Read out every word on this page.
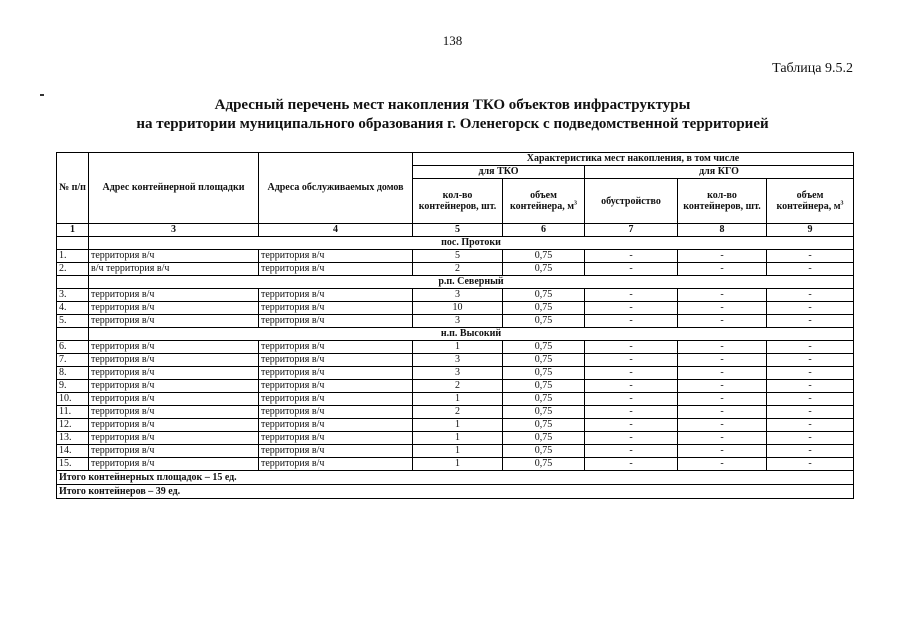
138
Таблица 9.5.2
Адресный перечень мест накопления ТКО объектов инфраструктуры
на территории муниципального образования г. Оленегорск с подведомственной территорией
№ п/п	Адрес контейнерной площадки	Адреса обслуживаемых домов	Характеристика мест накопления, в том числе				
			для ТКО		для КГО		
			кол-во контейнеров, шт.	объем контейнера, $м^3$	обустройство	кол-во контейнеров, шт.	объем контейнера, $м^3$
1	3	4	5	6	7	8	9
	пос. Протоки						
1.	территория в/ч	территория в/ч	5	0,75	-	-	-
2.	в/ч территория в/ч	территория в/ч	2	0,75	-	-	-
	р.п. Северный						
3.	территория в/ч	территория в/ч	3	0,75	-	-	-
4.	территория в/ч	территория в/ч	10	0,75	-	-	-
5.	территория в/ч	территория в/ч	3	0,75	-	-	-
	н.п. Высокий						
6.	территория в/ч	территория в/ч	1	0,75	-	-	-
7.	территория в/ч	территория в/ч	3	0,75	-	-	-
8.	территория в/ч	территория в/ч	3	0,75	-	-	-
9.	территория в/ч	территория в/ч	2	0,75	-	-	-
10.	территория в/ч	территория в/ч	1	0,75	-	-	-
11.	территория в/ч	территория в/ч	2	0,75	-	-	-
12.	территория в/ч	территория в/ч	1	0,75	-	-	-
13.	территория в/ч	территория в/ч	1	0,75	-	-	-
14.	территория в/ч	территория в/ч	1	0,75	-	-	-
15.	территория в/ч	территория в/ч	1	0,75	-	-	-
Итого контейнерных площадок – 15 ед.							
Итого контейнеров – 39 ед.							
